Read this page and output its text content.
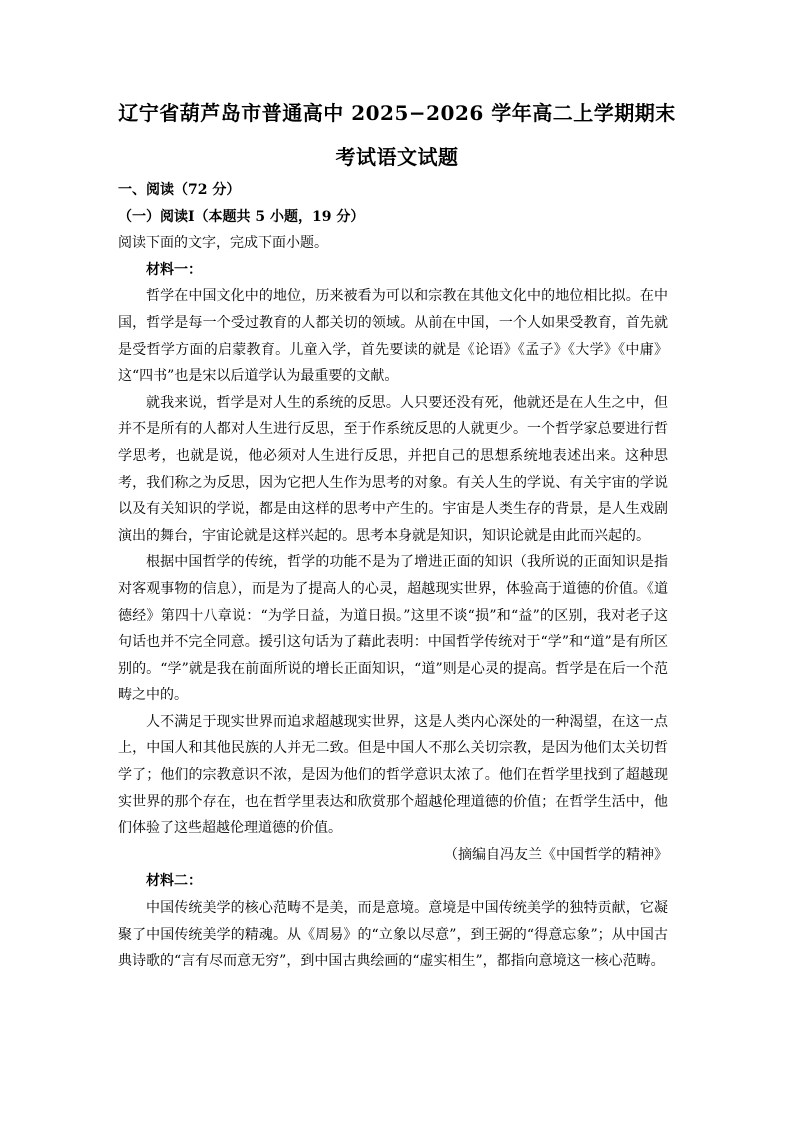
辽宁省葫芦岛市普通高中 2025−2026 学年高二上学期期末
考试语文试题

一、阅读（72 分）

（一）阅读Ⅰ（本题共 5 小题，19 分）

阅读下面的文字，完成下面小题。

材料一：

哲学在中国文化中的地位，历来被看为可以和宗教在其他文化中的地位相比拟。在中国，哲学是每一个受过教育的人都关切的领域。从前在中国，一个人如果受教育，首先就是受哲学方面的启蒙教育。儿童入学，首先要读的就是《论语》《孟子》《大学》《中庸》这“四书”也是宋以后道学认为最重要的文献。

就我来说，哲学是对人生的系统的反思。人只要还没有死，他就还是在人生之中，但并不是所有的人都对人生进行反思，至于作系统反思的人就更少。一个哲学家总要进行哲学思考，也就是说，他必须对人生进行反思，并把自己的思想系统地表述出来。这种思考，我们称之为反思，因为它把人生作为思考的对象。有关人生的学说、有关宇宙的学说以及有关知识的学说，都是由这样的思考中产生的。宇宙是人类生存的背景，是人生戏剧演出的舞台，宇宙论就是这样兴起的。思考本身就是知识，知识论就是由此而兴起的。

根据中国哲学的传统，哲学的功能不是为了增进正面的知识（我所说的正面知识是指对客观事物的信息），而是为了提高人的心灵，超越现实世界，体验高于道德的价值。《道德经》第四十八章说：“为学日益，为道日损。”这里不谈“损”和“益”的区别，我对老子这句话也并不完全同意。援引这句话为了藉此表明：中国哲学传统对于“学”和“道”是有所区别的。“学”就是我在前面所说的增长正面知识，“道”则是心灵的提高。哲学是在后一个范畴之中的。

人不满足于现实世界而追求超越现实世界，这是人类内心深处的一种渴望，在这一点上，中国人和其他民族的人并无二致。但是中国人不那么关切宗教，是因为他们太关切哲学了；他们的宗教意识不浓，是因为他们的哲学意识太浓了。他们在哲学里找到了超越现实世界的那个存在，也在哲学里表达和欣赏那个超越伦理道德的价值；在哲学生活中，他们体验了这些超越伦理道德的价值。

（摘编自冯友兰《中国哲学的精神》

材料二：

中国传统美学的核心范畴不是美，而是意境。意境是中国传统美学的独特贡献，它凝聚了中国传统美学的精魂。从《周易》的“立象以尽意”，到王弼的“得意忘象”；从中国古典诗歌的“言有尽而意无穷”，到中国古典绘画的“虚实相生”，都指向意境这一核心范畴。
